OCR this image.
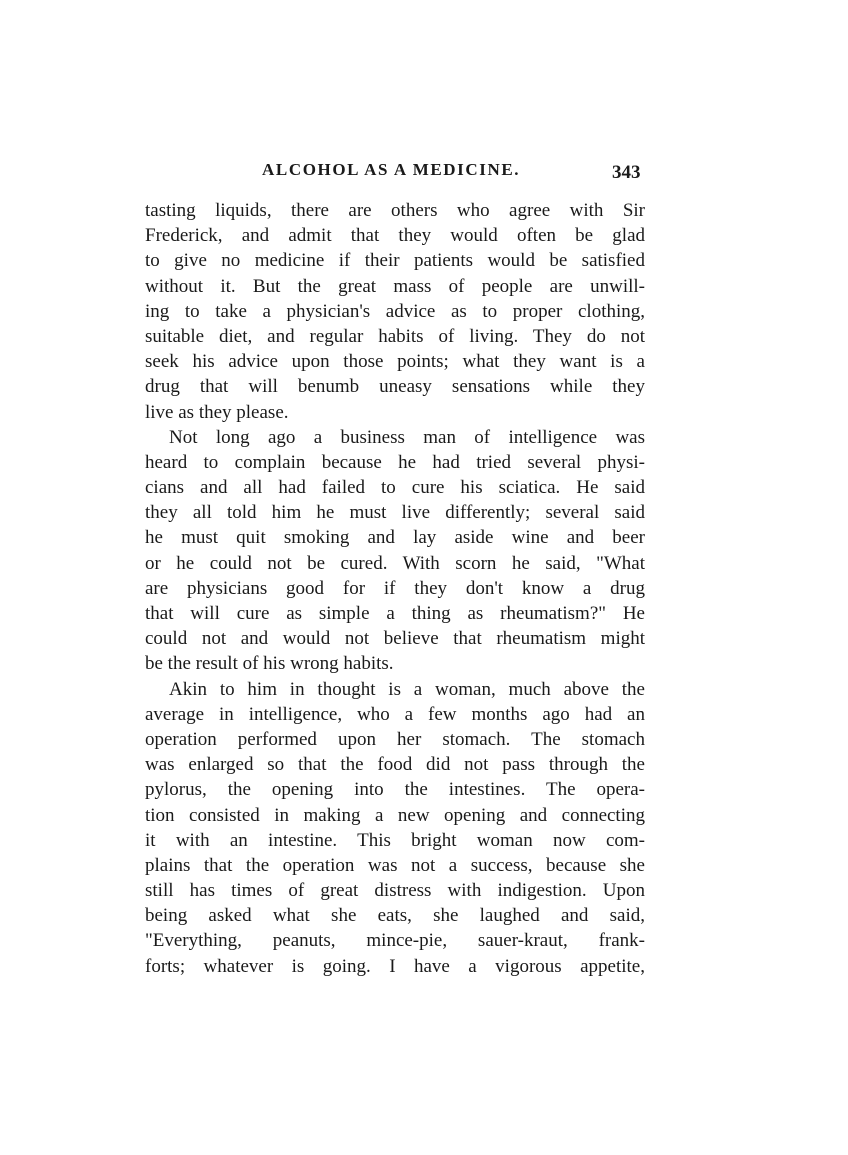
ALCOHOL AS A MEDICINE.	343
tasting liquids, there are others who agree with Sir
Frederick, and admit that they would often be glad
to give no medicine if their patients would be satisfied
without it. But the great mass of people are unwill-
ing to take a physician's advice as to proper clothing,
suitable diet, and regular habits of living. They do not
seek his advice upon those points; what they want is a
drug that will benumb uneasy sensations while they
live as they please.
Not long ago a business man of intelligence was
heard to complain because he had tried several physi-
cians and all had failed to cure his sciatica. He said
they all told him he must live differently; several said
he must quit smoking and lay aside wine and beer
or he could not be cured. With scorn he said, "What
are physicians good for if they don't know a drug
that will cure as simple a thing as rheumatism?" He
could not and would not believe that rheumatism might
be the result of his wrong habits.
Akin to him in thought is a woman, much above the
average in intelligence, who a few months ago had an
operation performed upon her stomach. The stomach
was enlarged so that the food did not pass through the
pylorus, the opening into the intestines. The opera-
tion consisted in making a new opening and connecting
it with an intestine. This bright woman now com-
plains that the operation was not a success, because she
still has times of great distress with indigestion. Upon
being asked what she eats, she laughed and said,
"Everything, peanuts, mince-pie, sauer-kraut, frank-
forts; whatever is going. I have a vigorous appetite,
